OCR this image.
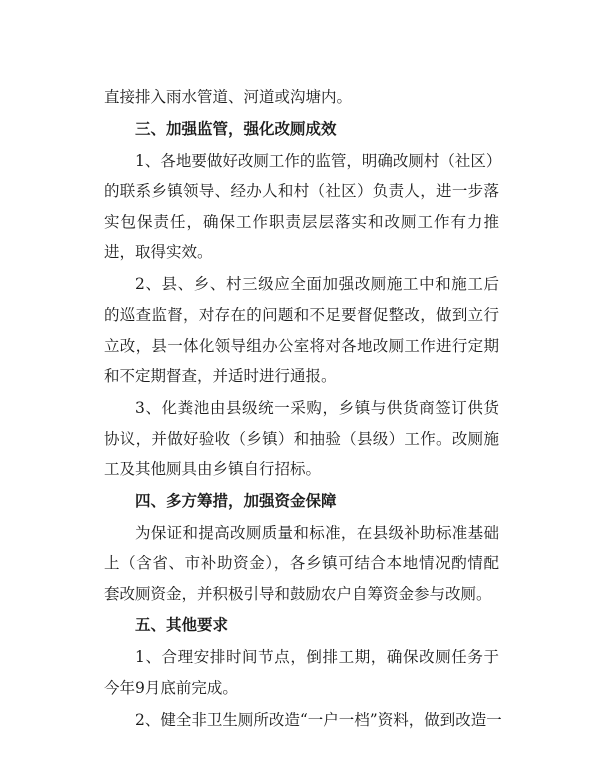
直接排入雨水管道、河道或沟塘内。
三、加强监管，强化改厕成效
1、各地要做好改厕工作的监管，明确改厕村（社区）
的联系乡镇领导、经办人和村（社区）负责人，进一步落
实包保责任，确保工作职责层层落实和改厕工作有力推
进，取得实效。
2、县、乡、村三级应全面加强改厕施工中和施工后
的巡查监督，对存在的问题和不足要督促整改，做到立行
立改，县一体化领导组办公室将对各地改厕工作进行定期
和不定期督查，并适时进行通报。
3、化粪池由县级统一采购，乡镇与供货商签订供货
协议，并做好验收（乡镇）和抽验（县级）工作。改厕施
工及其他厕具由乡镇自行招标。
四、多方筹措，加强资金保障
为保证和提高改厕质量和标准，在县级补助标准基础
上（含省、市补助资金），各乡镇可结合本地情况酌情配
套改厕资金，并积极引导和鼓励农户自筹资金参与改厕。
五、其他要求
1、合理安排时间节点，倒排工期，确保改厕任务于
今年9月底前完成。
2、健全非卫生厕所改造“一户一档”资料，做到改造一
